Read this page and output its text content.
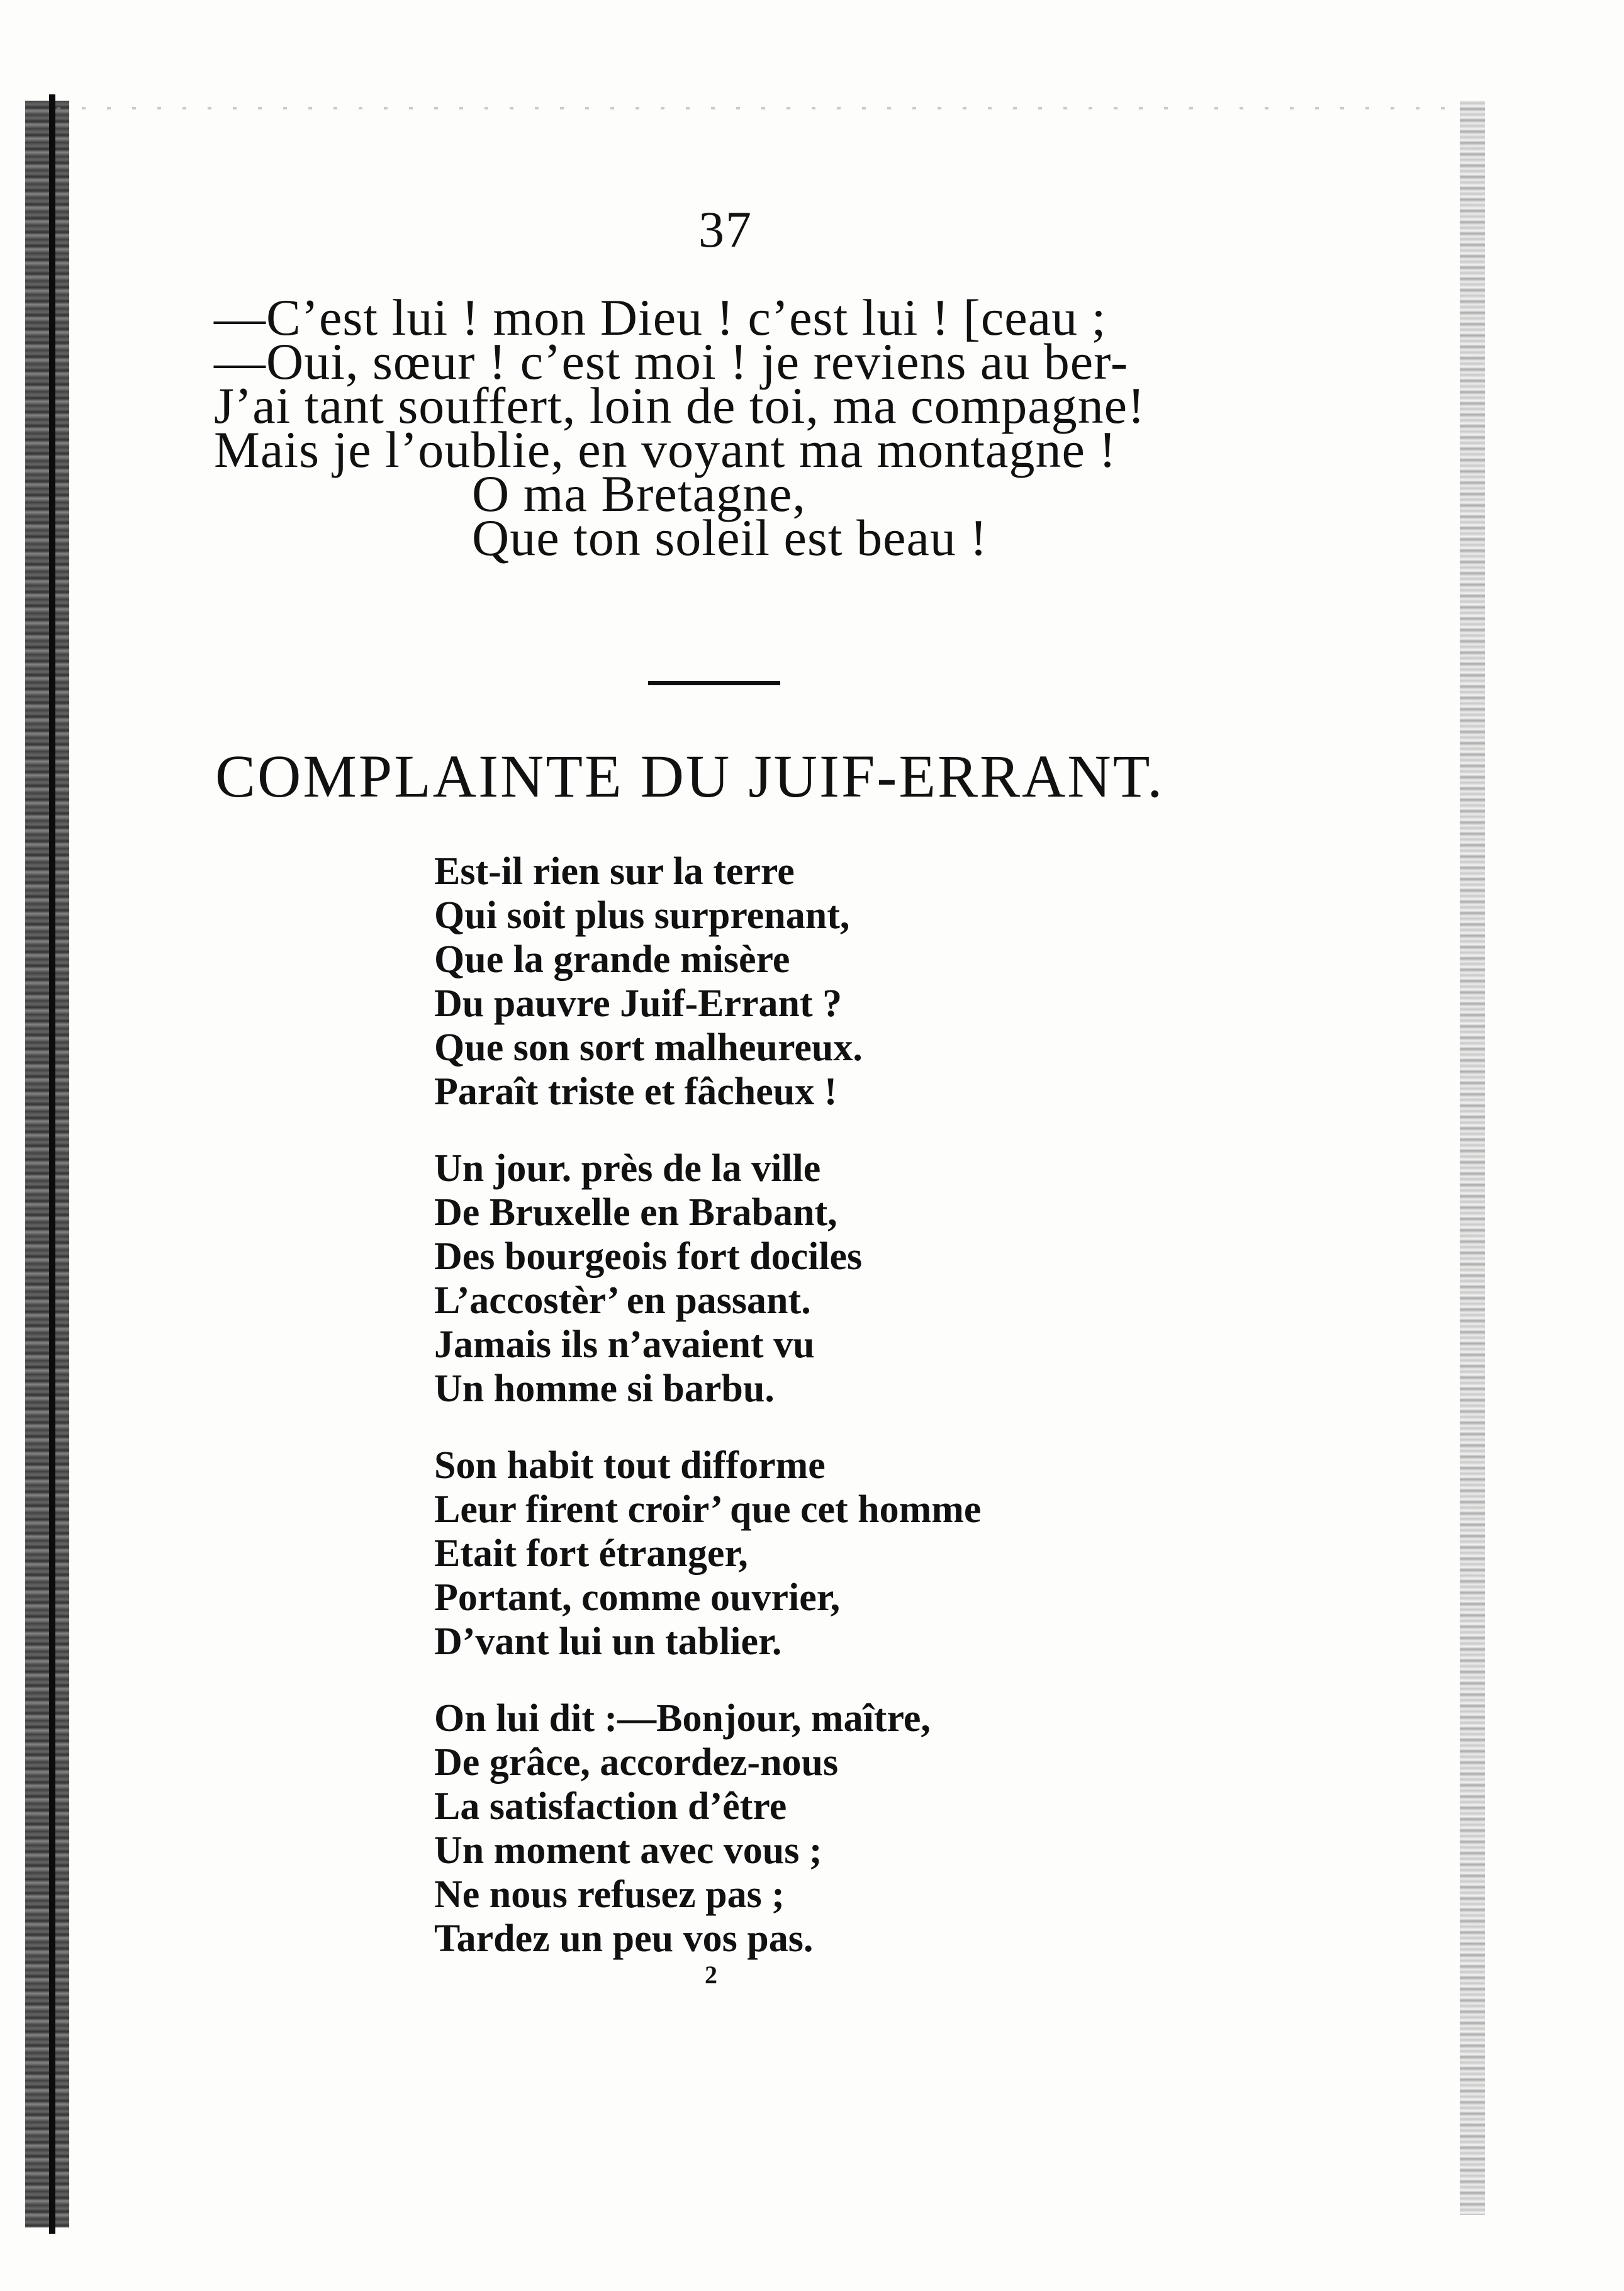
37
—C’est lui ! mon Dieu ! c’est lui ! [ceau ;
—Oui, sœur ! c’est moi ! je reviens au ber-
J’ai tant souffert, loin de toi, ma compagne!
Mais je l’oublie, en voyant ma montagne !
O ma Bretagne,
Que ton soleil est beau !
COMPLAINTE DU JUIF-ERRANT.
Est-il rien sur la terre
Qui soit plus surprenant,
Que la grande misère
Du pauvre Juif-Errant ?
Que son sort malheureux.
Paraît triste et fâcheux !
Un jour. près de la ville
De Bruxelle en Brabant,
Des bourgeois fort dociles
L’accostèr’ en passant.
Jamais ils n’avaient vu
Un homme si barbu.
Son habit tout difforme
Leur firent croir’ que cet homme
Etait fort étranger,
Portant, comme ouvrier,
D’vant lui un tablier.
On lui dit :—Bonjour, maître,
De grâce, accordez-nous
La satisfaction d’être
Un moment avec vous ;
Ne nous refusez pas ;
Tardez un peu vos pas.
2
